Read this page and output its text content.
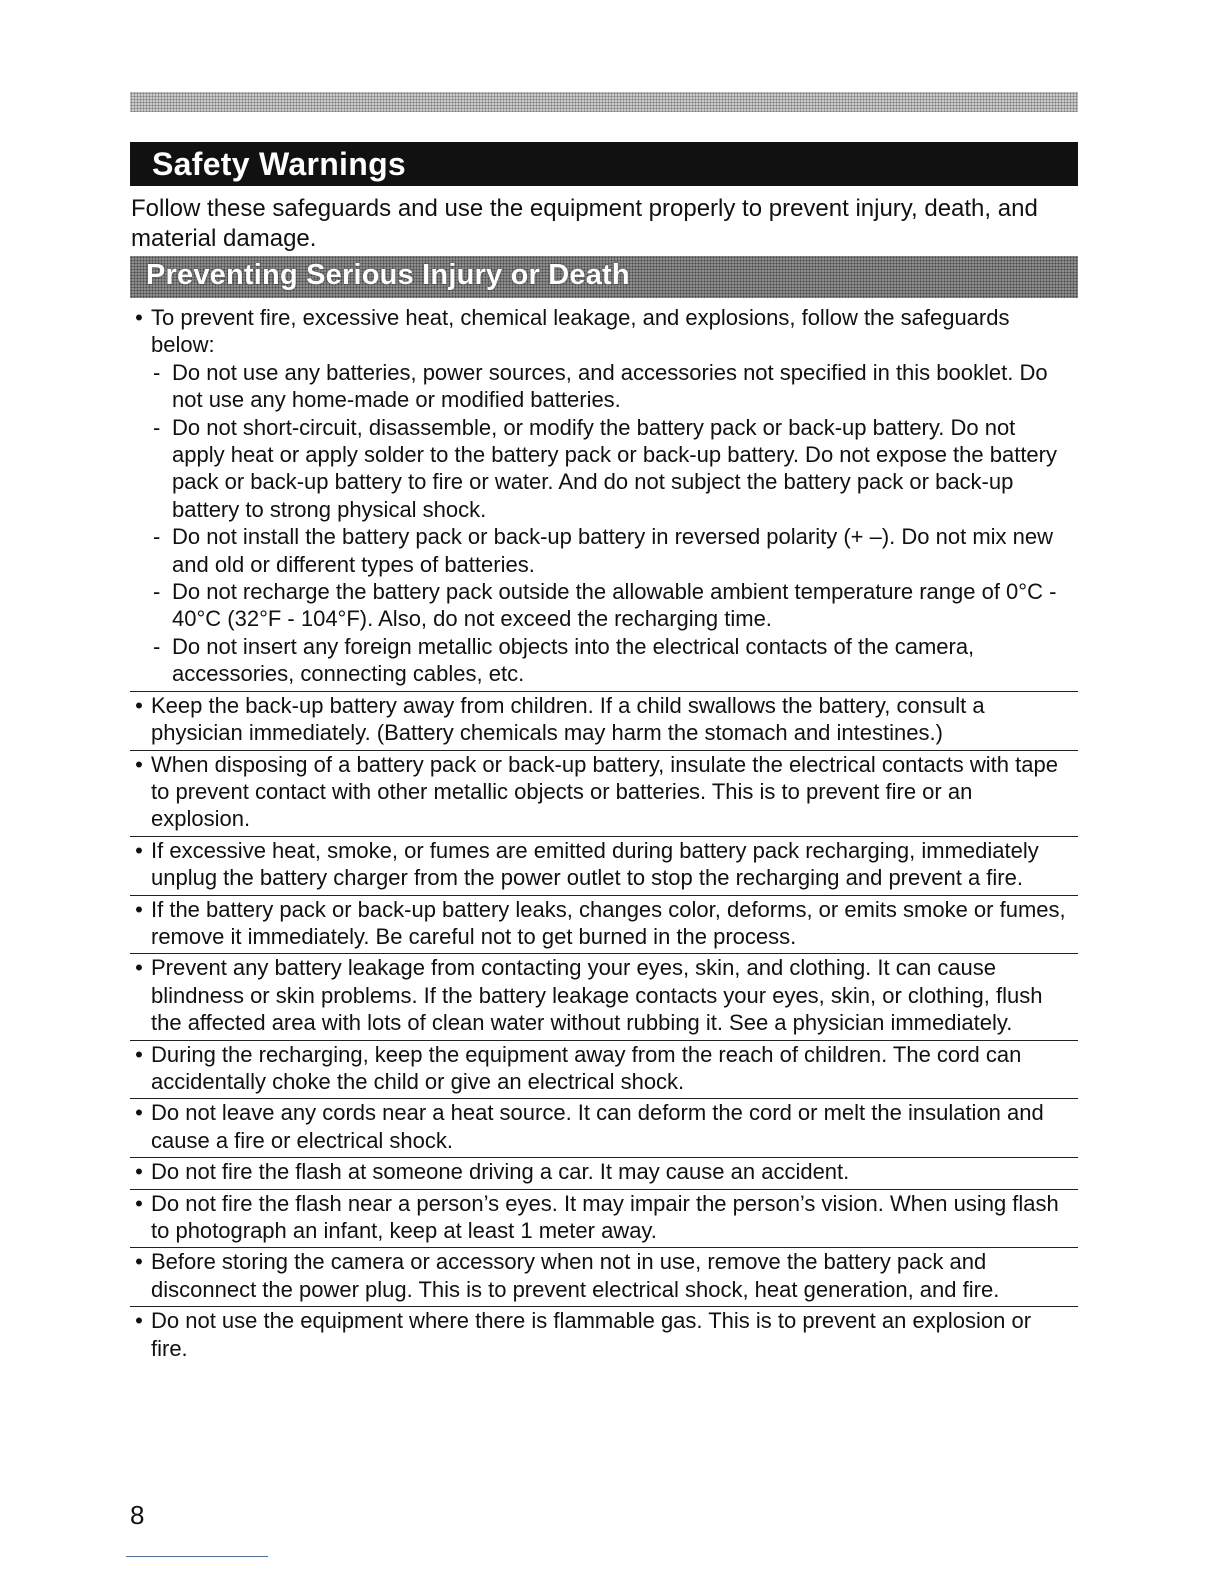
Safety Warnings
Follow these safeguards and use the equipment properly to prevent injury, death, and material damage.
Preventing Serious Injury or Death
• To prevent fire, excessive heat, chemical leakage, and explosions, follow the safeguards below:
- Do not use any batteries, power sources, and accessories not specified in this booklet. Do not use any home-made or modified batteries.
- Do not short-circuit, disassemble, or modify the battery pack or back-up battery. Do not apply heat or apply solder to the battery pack or back-up battery. Do not expose the battery pack or back-up battery to fire or water. And do not subject the battery pack or back-up battery to strong physical shock.
- Do not install the battery pack or back-up battery in reversed polarity (+ –). Do not mix new and old or different types of batteries.
- Do not recharge the battery pack outside the allowable ambient temperature range of 0°C - 40°C (32°F - 104°F). Also, do not exceed the recharging time.
- Do not insert any foreign metallic objects into the electrical contacts of the camera, accessories, connecting cables, etc.
• Keep the back-up battery away from children. If a child swallows the battery, consult a physician immediately. (Battery chemicals may harm the stomach and intestines.)
• When disposing of a battery pack or back-up battery, insulate the electrical contacts with tape to prevent contact with other metallic objects or batteries. This is to prevent fire or an explosion.
• If excessive heat, smoke, or fumes are emitted during battery pack recharging, immediately unplug the battery charger from the power outlet to stop the recharging and prevent a fire.
• If the battery pack or back-up battery leaks, changes color, deforms, or emits smoke or fumes, remove it immediately. Be careful not to get burned in the process.
• Prevent any battery leakage from contacting your eyes, skin, and clothing. It can cause blindness or skin problems. If the battery leakage contacts your eyes, skin, or clothing, flush the affected area with lots of clean water without rubbing it. See a physician immediately.
• During the recharging, keep the equipment away from the reach of children. The cord can accidentally choke the child or give an electrical shock.
• Do not leave any cords near a heat source. It can deform the cord or melt the insulation and cause a fire or electrical shock.
• Do not fire the flash at someone driving a car. It may cause an accident.
• Do not fire the flash near a person’s eyes. It may impair the person’s vision. When using flash to photograph an infant, keep at least 1 meter away.
• Before storing the camera or accessory when not in use, remove the battery pack and disconnect the power plug. This is to prevent electrical shock, heat generation, and fire.
• Do not use the equipment where there is flammable gas. This is to prevent an explosion or fire.
8
